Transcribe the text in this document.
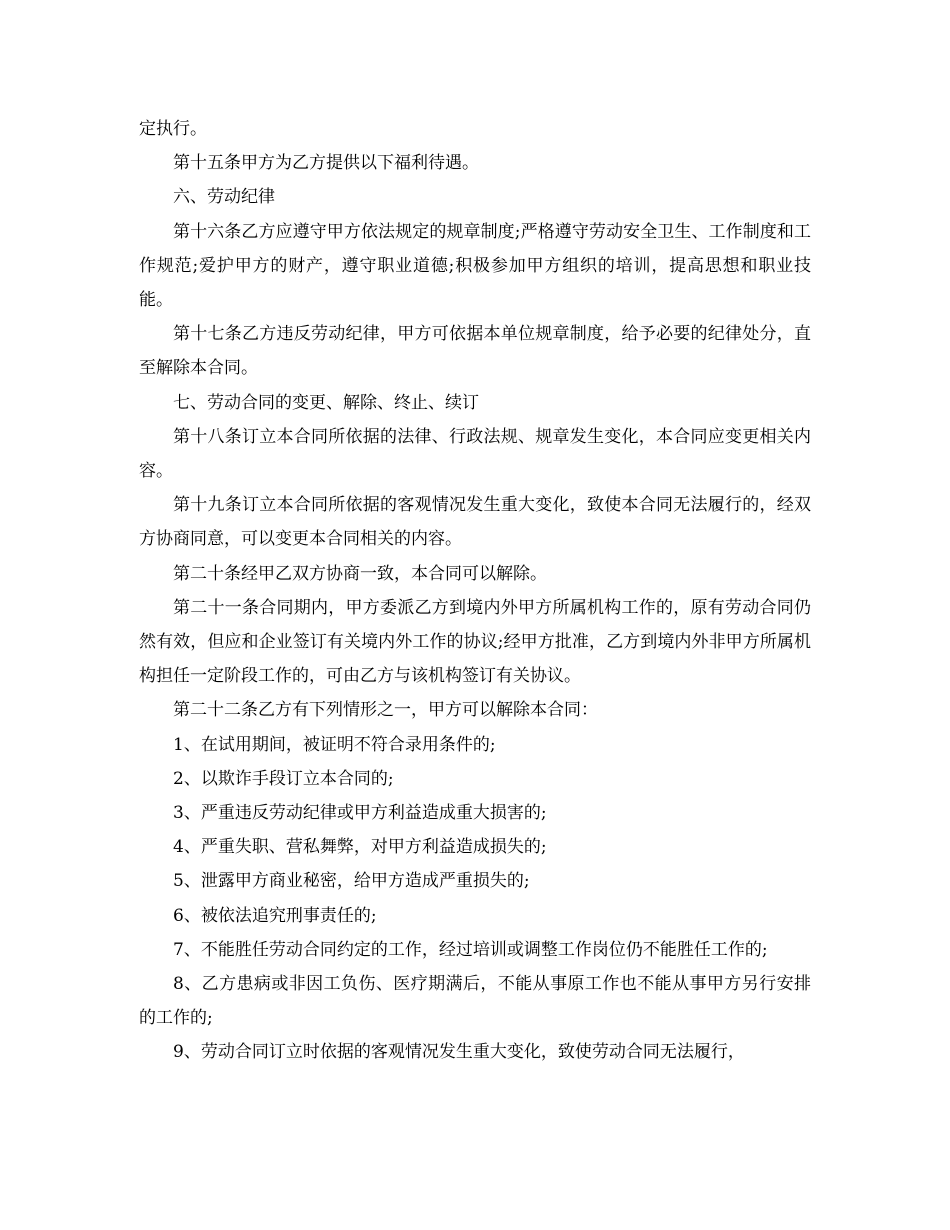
定执行。

第十五条甲方为乙方提供以下福利待遇。

六、劳动纪律

第十六条乙方应遵守甲方依法规定的规章制度;严格遵守劳动安全卫生、工作制度和工作规范;爱护甲方的财产，遵守职业道德;积极参加甲方组织的培训，提高思想和职业技能。

第十七条乙方违反劳动纪律，甲方可依据本单位规章制度，给予必要的纪律处分，直至解除本合同。

七、劳动合同的变更、解除、终止、续订

第十八条订立本合同所依据的法律、行政法规、规章发生变化，本合同应变更相关内容。

第十九条订立本合同所依据的客观情况发生重大变化，致使本合同无法履行的，经双方协商同意，可以变更本合同相关的内容。

第二十条经甲乙双方协商一致，本合同可以解除。

第二十一条合同期内，甲方委派乙方到境内外甲方所属机构工作的，原有劳动合同仍然有效，但应和企业签订有关境内外工作的协议;经甲方批准，乙方到境内外非甲方所属机构担任一定阶段工作的，可由乙方与该机构签订有关协议。

第二十二条乙方有下列情形之一，甲方可以解除本合同：

1、在试用期间，被证明不符合录用条件的;

2、以欺诈手段订立本合同的;

3、严重违反劳动纪律或甲方利益造成重大损害的;

4、严重失职、营私舞弊，对甲方利益造成损失的;

5、泄露甲方商业秘密，给甲方造成严重损失的;

6、被依法追究刑事责任的;

7、不能胜任劳动合同约定的工作，经过培训或调整工作岗位仍不能胜任工作的;

8、乙方患病或非因工负伤、医疗期满后，不能从事原工作也不能从事甲方另行安排的工作的;

9、劳动合同订立时依据的客观情况发生重大变化，致使劳动合同无法履行，
